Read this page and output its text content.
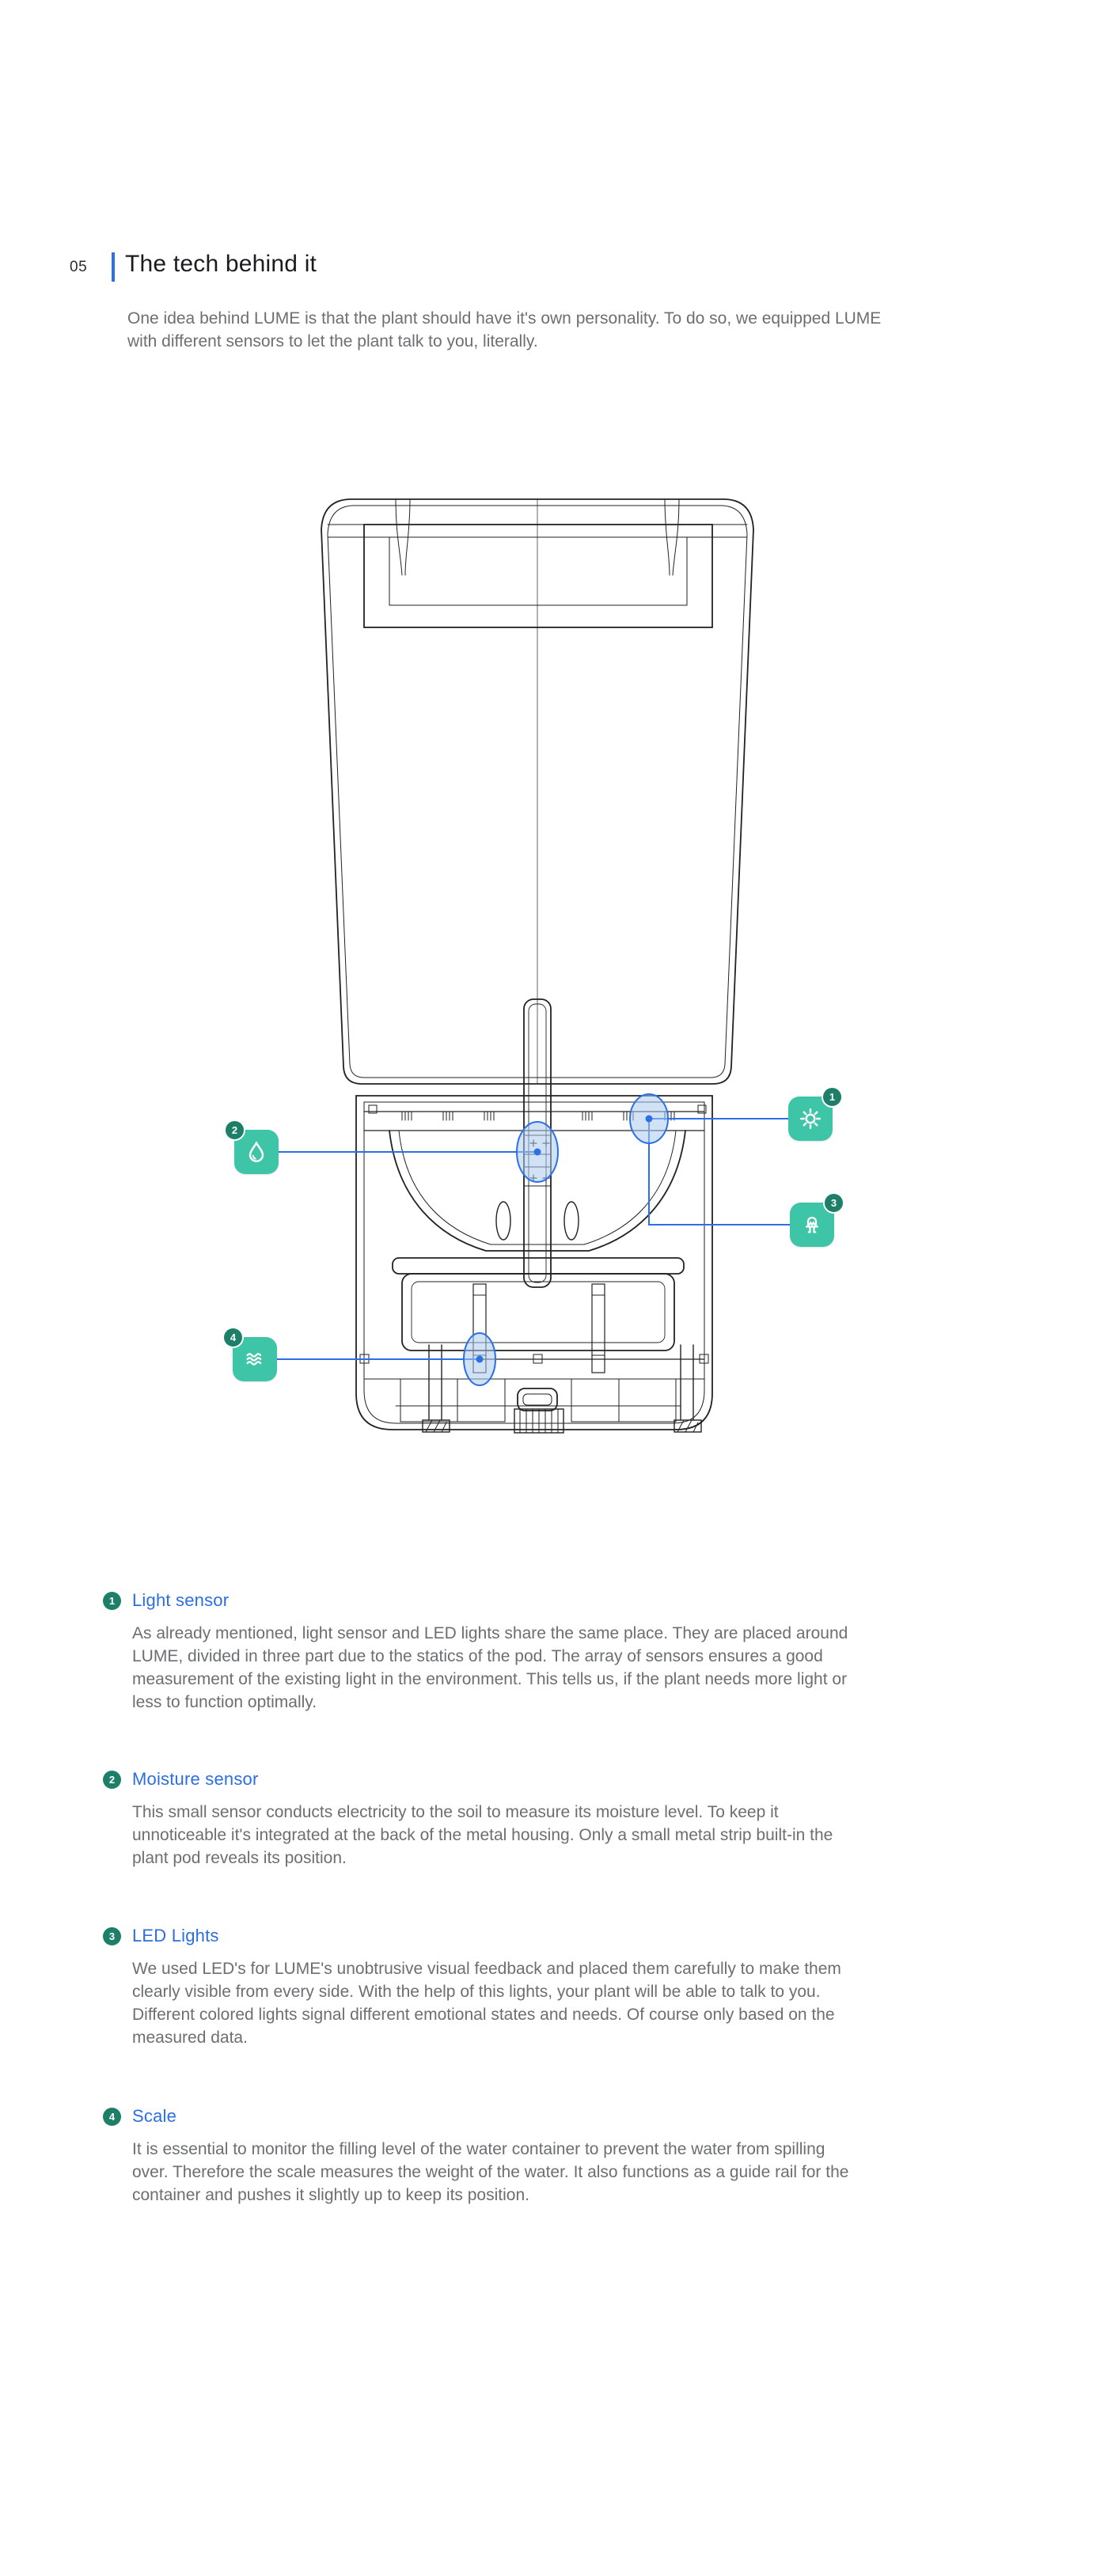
05 The tech behind it

One idea behind LUME is that the plant should have it's own personality. To do so, we equipped LUME with different sensors to let the plant talk to you, literally.

1
2
3
4
1 Light sensor

As already mentioned, light sensor and LED lights share the same place. They are placed around LUME, divided in three part due to the statics of the pod. The array of sensors ensures a good measurement of the existing light in the environment. This tells us, if the plant needs more light or less to function optimally.

2 Moisture sensor

This small sensor conducts electricity to the soil to measure its moisture level. To keep it unnoticeable it's integrated at the back of the metal housing. Only a small metal strip built-in the plant pod reveals its position.

3 LED Lights

We used LED's for LUME's unobtrusive visual feedback and placed them carefully to make them clearly visible from every side. With the help of this lights, your plant will be able to talk to you. Different colored lights signal different emotional states and needs. Of course only based on the measured data.

4 Scale

It is essential to monitor the filling level of the water container to prevent the water from spilling over. Therefore the scale measures the weight of the water. It also functions as a guide rail for the container and pushes it slightly up to keep its position.
